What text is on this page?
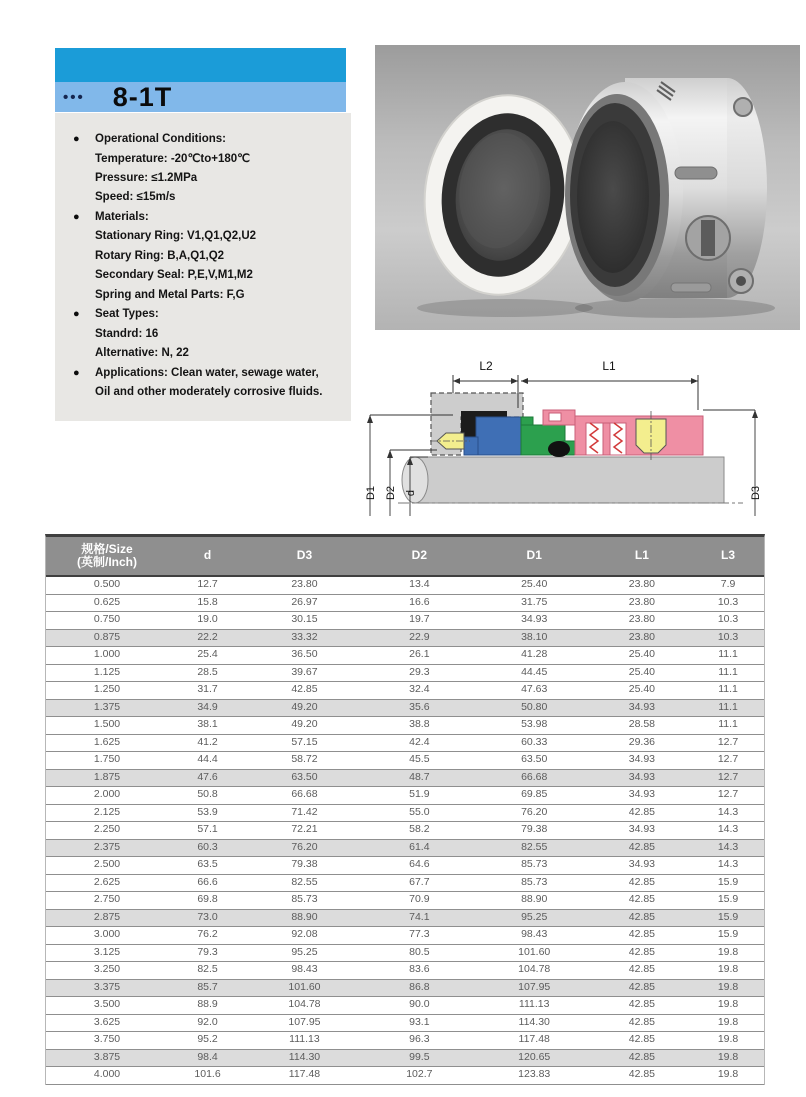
••• 8-1T
●	Operational Conditions:
Temperature: -20℃to+180℃
Pressure: ≤1.2MPa
Speed: ≤15m/s
●	Materials:
Stationary Ring: V1,Q1,Q2,U2
Rotary Ring: B,A,Q1,Q2
Secondary Seal: P,E,V,M1,M2
Spring and Metal Parts: F,G
●	Seat Types:
Standrd: 16
Alternative: N, 22
●	Applications: Clean water, sewage water,
Oil and other moderately corrosive fluids.
L2	L1
D1 D2 d	D3
规格/Size
(英制/Inch)	d	D3	D2	D1	L1	L3
0.500	12.7	23.80	13.4	25.40	23.80	7.9
0.625	15.8	26.97	16.6	31.75	23.80	10.3
0.750	19.0	30.15	19.7	34.93	23.80	10.3
0.875	22.2	33.32	22.9	38.10	23.80	10.3
1.000	25.4	36.50	26.1	41.28	25.40	11.1
1.125	28.5	39.67	29.3	44.45	25.40	11.1
1.250	31.7	42.85	32.4	47.63	25.40	11.1
1.375	34.9	49.20	35.6	50.80	34.93	11.1
1.500	38.1	49.20	38.8	53.98	28.58	11.1
1.625	41.2	57.15	42.4	60.33	29.36	12.7
1.750	44.4	58.72	45.5	63.50	34.93	12.7
1.875	47.6	63.50	48.7	66.68	34.93	12.7
2.000	50.8	66.68	51.9	69.85	34.93	12.7
2.125	53.9	71.42	55.0	76.20	42.85	14.3
2.250	57.1	72.21	58.2	79.38	34.93	14.3
2.375	60.3	76.20	61.4	82.55	42.85	14.3
2.500	63.5	79.38	64.6	85.73	34.93	14.3
2.625	66.6	82.55	67.7	85.73	42.85	15.9
2.750	69.8	85.73	70.9	88.90	42.85	15.9
2.875	73.0	88.90	74.1	95.25	42.85	15.9
3.000	76.2	92.08	77.3	98.43	42.85	15.9
3.125	79.3	95.25	80.5	101.60	42.85	19.8
3.250	82.5	98.43	83.6	104.78	42.85	19.8
3.375	85.7	101.60	86.8	107.95	42.85	19.8
3.500	88.9	104.78	90.0	111.13	42.85	19.8
3.625	92.0	107.95	93.1	114.30	42.85	19.8
3.750	95.2	111.13	96.3	117.48	42.85	19.8
3.875	98.4	114.30	99.5	120.65	42.85	19.8
4.000	101.6	117.48	102.7	123.83	42.85	19.8
